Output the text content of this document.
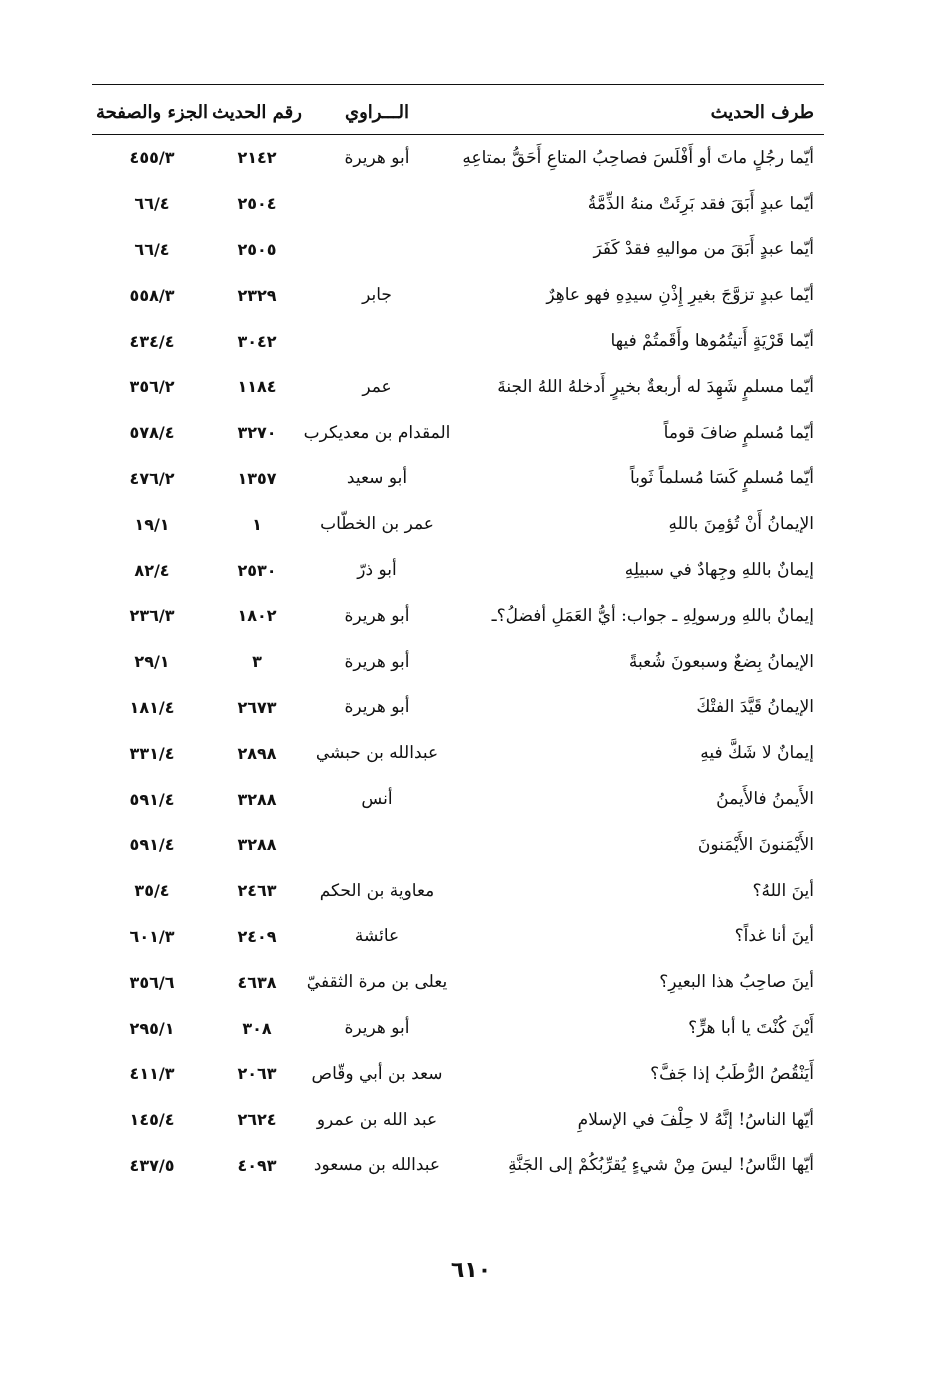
طرف الحديث	الـــراوي	رقم الحديث	الجزء والصفحة
أيّما رجُلٍ ماتَ أو أَفْلَسَ فصاحِبُ المتاعِ أَحَقُّ بمتاعِهِ	أبو هريرة	٢١٤٢	٤٥٥/٣
أيّما عبدٍ أَبَقَ فقد بَرِئَتْ منهُ الذِّمَّةُ		٢٥٠٤	٦٦/٤
أيّما عبدٍ أَبَقَ من مواليهِ فقدْ كَفَرَ		٢٥٠٥	٦٦/٤
أيّما عبدٍ تزوَّجَ بغيرِ إِذْنِ سيدِهِ فهو عاهِرٌ	جابر	٢٣٢٩	٥٥٨/٣
أيّما قَرْيَةٍ أَتيتُمُوها وأَقَمتُمْ فيها		٣٠٤٢	٤٣٤/٤
أيّما مسلمٍ شَهِدَ له أربعةٌ بخيرٍ أَدخلهُ اللهُ الجنةَ	عمر	١١٨٤	٣٥٦/٢
أيّما مُسلمٍ ضافَ قوماً	المقدام بن معديكرب	٣٢٧٠	٥٧٨/٤
أيّما مُسلمٍ كَسَا مُسلماً ثَوباً	أبو سعيد	١٣٥٧	٤٧٦/٢
الإيمانُ أَنْ تُؤمِنَ باللهِ	عمر بن الخطّاب	١	١٩/١
إيمانٌ باللهِ وجِهادٌ في سبيلِهِ	أبو ذرّ	٢٥٣٠	٨٢/٤
إيمانٌ باللهِ ورسولِهِ ـ جواب: أيُّ العَمَلِ أفضلُ؟ـ	أبو هريرة	١٨٠٢	٢٣٦/٣
الإيمانُ بِضعٌ وسبعونَ شُعبةً	أبو هريرة	٣	٢٩/١
الإيمانُ قَيَّدَ الفتْكَ	أبو هريرة	٢٦٧٣	١٨١/٤
إيمانٌ لا شَكَّ فيهِ	عبدالله بن حبشي	٢٨٩٨	٣٣١/٤
الأَيمنُ فالأَيمنُ	أنس	٣٢٨٨	٥٩١/٤
الأَيْمَنونَ الأَيْمَنونَ		٣٢٨٨	٥٩١/٤
أينَ اللهُ؟	معاوية بن الحكم	٢٤٦٣	٣٥/٤
أينَ أنا غداً؟	عائشة	٢٤٠٩	٦٠١/٣
أينَ صاحِبُ هذا البعيرِ؟	يعلى بن مرة الثقفيّ	٤٦٣٨	٣٥٦/٦
أَيْنَ كُنْتَ يا أبا هرٍّ؟	أبو هريرة	٣٠٨	٢٩٥/١
أَيَنْقُصُ الرُّطَبُ إذا جَفَّ؟	سعد بن أبي وقّاص	٢٠٦٣	٤١١/٣
أيّها الناسُ! إنَّهُ لا حِلْفَ في الإسلامِ	عبد الله بن عمرو	٢٦٢٤	١٤٥/٤
أيّها النَّاسُ! ليسَ مِنْ شيءٍ يُقرِّبُكُمْ إلى الجَنَّةِ	عبدالله بن مسعود	٤٠٩٣	٤٣٧/٥
٦١٠
